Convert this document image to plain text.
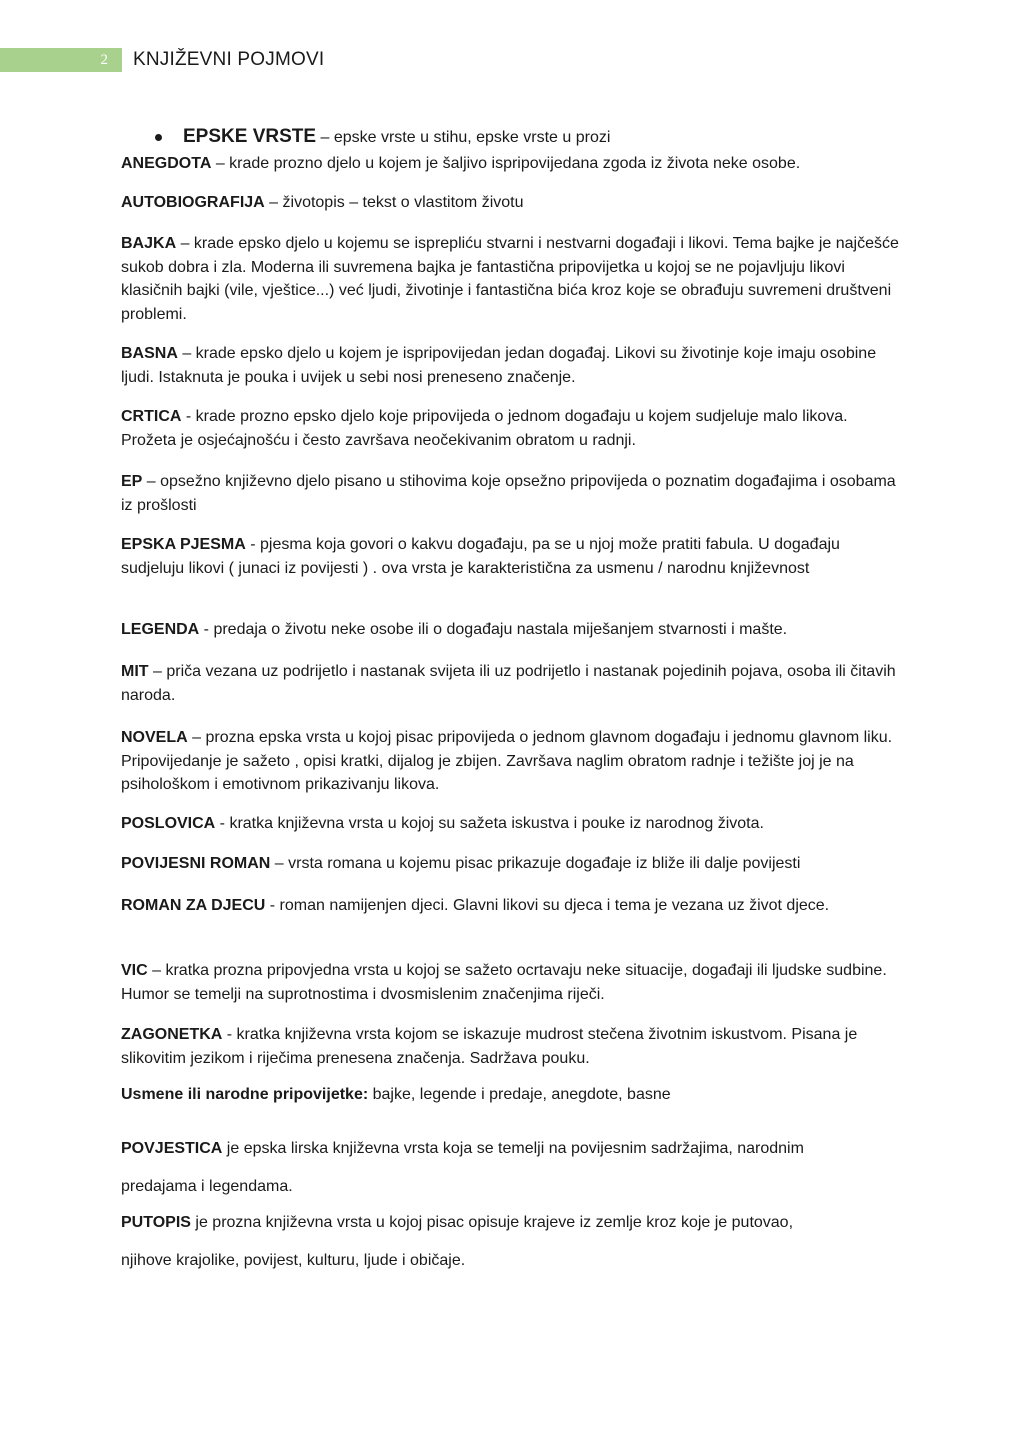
2 KNJIŽEVNI POJMOVI
EPSKE VRSTE – epske vrste u stihu, epske vrste u prozi
ANEGDOTA – krade prozno djelo u kojem je šaljivo ispripovijedana zgoda iz života neke osobe.
AUTOBIOGRAFIJA – životopis – tekst o vlastitom životu
BAJKA – krade epsko djelo u kojemu se isprepliću stvarni i nestvarni događaji i likovi. Tema bajke je najčešće sukob dobra i zla. Moderna ili suvremena bajka je fantastična pripovijetka u kojoj se ne pojavljuju likovi klasičnih bajki (vile, vještice...) već ljudi, životinje i fantastična bića kroz koje se obrađuju suvremeni društveni problemi.
BASNA – krade epsko djelo u kojem je ispripovijedan jedan događaj. Likovi su životinje koje imaju osobine ljudi. Istaknuta je pouka i uvijek u sebi nosi preneseno značenje.
CRTICA - krade prozno epsko djelo koje pripovijeda o jednom događaju u kojem sudjeluje malo likova. Prožeta je osjećajnošću i često završava neočekivanim obratom u radnji.
EP – opsežno književno djelo pisano u stihovima koje opsežno pripovijeda o poznatim događajima i osobama iz prošlosti
EPSKA PJESMA - pjesma koja govori o kakvu događaju, pa se u njoj može pratiti fabula. U događaju sudjeluju likovi ( junaci iz povijesti ) . ova vrsta je karakteristična za usmenu / narodnu književnost
LEGENDA - predaja o životu neke osobe ili o događaju nastala miješanjem stvarnosti i mašte.
MIT – priča vezana uz podrijetlo i nastanak svijeta ili uz podrijetlo i nastanak pojedinih pojava, osoba ili čitavih naroda.
NOVELA – prozna epska vrsta u kojoj pisac pripovijeda o jednom glavnom događaju i jednomu glavnom liku. Pripovijedanje je sažeto , opisi kratki, dijalog je zbijen. Završava naglim obratom radnje i težište joj je na psihološkom i emotivnom prikazivanju likova.
POSLOVICA - kratka književna vrsta u kojoj su sažeta iskustva i pouke iz narodnog života.
POVIJESNI ROMAN – vrsta romana u kojemu pisac prikazuje događaje iz bliže ili dalje povijesti
ROMAN ZA DJECU - roman namijenjen djeci. Glavni likovi su djeca i tema je vezana uz život djece.
VIC – kratka prozna pripovjedna vrsta u kojoj se sažeto ocrtavaju neke situacije, događaji ili ljudske sudbine. Humor se temelji na suprotnostima i dvosmislenim značenjima riječi.
ZAGONETKA - kratka književna vrsta kojom se iskazuje mudrost stečena životnim iskustvom. Pisana je slikovitim jezikom i riječima prenesena značenja. Sadržava pouku.
Usmene ili narodne pripovijetke: bajke, legende i predaje, anegdote, basne
POVJESTICA je epska lirska književna vrsta koja se temelji na povijesnim sadržajima, narodnim predajama i legendama.
PUTOPIS je prozna književna vrsta u kojoj pisac opisuje krajeve iz zemlje kroz koje je putovao, njihove krajolike, povijest, kulturu, ljude i običaje.
